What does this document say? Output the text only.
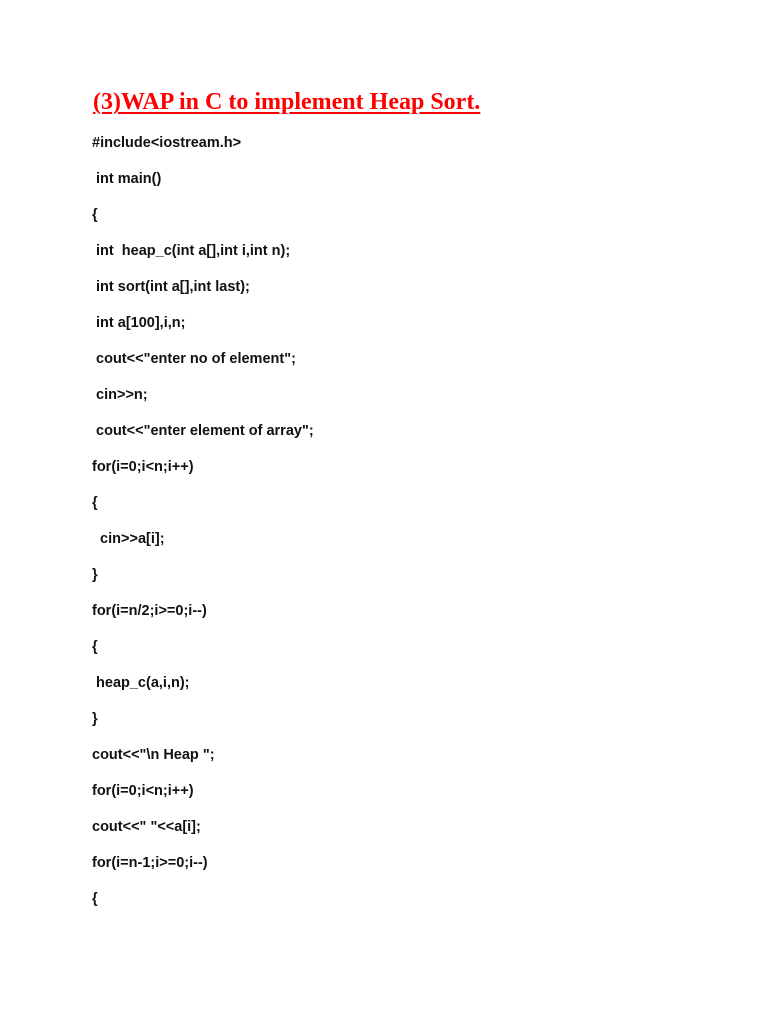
(3)WAP in C to implement Heap Sort.
#include<iostream.h>
int main()
{
int  heap_c(int a[],int i,int n);
int sort(int a[],int last);
int a[100],i,n;
cout<<"enter no of element";
cin>>n;
cout<<"enter element of array";
for(i=0;i<n;i++)
{
cin>>a[i];
}
for(i=n/2;i>=0;i--)
{
heap_c(a,i,n);
}
cout<<"\n Heap ";
for(i=0;i<n;i++)
cout<<" "<<a[i];
for(i=n-1;i>=0;i--)
{
